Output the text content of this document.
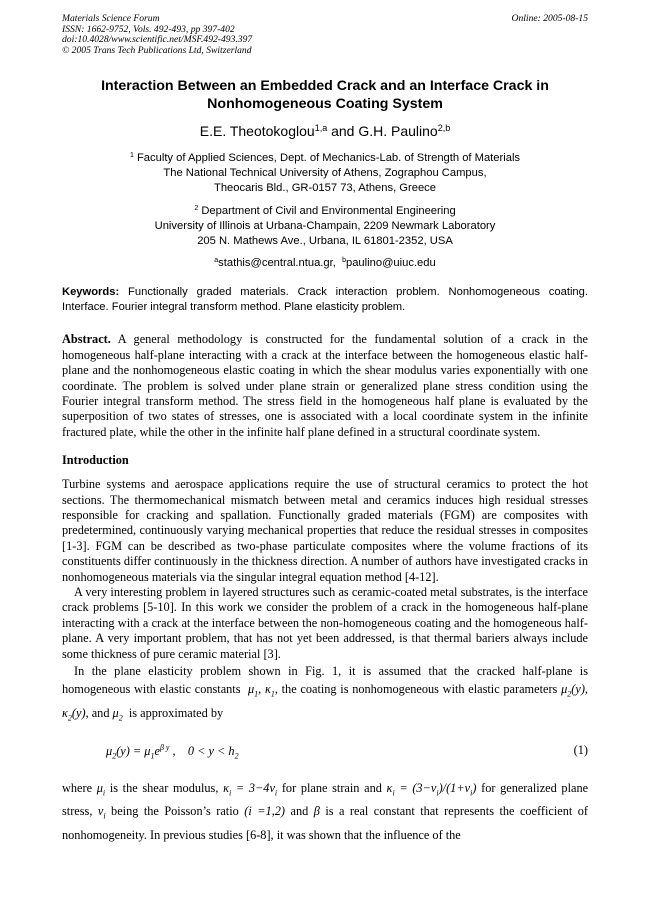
Materials Science Forum
ISSN: 1662-9752, Vols. 492-493, pp 397-402
doi:10.4028/www.scientific.net/MSF.492-493.397
© 2005 Trans Tech Publications Ltd, Switzerland
Online: 2005-08-15
Interaction Between an Embedded Crack and an Interface Crack in
Nonhomogeneous Coating System
E.E. Theotokoglou$^{1,a}$ and G.H. Paulino$^{2,b}$
$^1$ Faculty of Applied Sciences, Dept. of Mechanics-Lab. of Strength of Materials
The National Technical University of Athens, Zographou Campus,
Theocaris Bld., GR-0157 73, Athens, Greece
$^2$ Department of Civil and Environmental Engineering
University of Illinois at Urbana-Champain, 2209 Newmark Laboratory
205 N. Mathews Ave., Urbana, IL 61801-2352, USA
$^a$stathis@central.ntua.gr, $^b$paulino@uiuc.edu
Keywords: Functionally graded materials. Crack interaction problem. Nonhomogeneous coating. Interface. Fourier integral transform method. Plane elasticity problem.
Abstract. A general methodology is constructed for the fundamental solution of a crack in the homogeneous half-plane interacting with a crack at the interface between the homogeneous elastic half-plane and the nonhomogeneous elastic coating in which the shear modulus varies exponentially with one coordinate. The problem is solved under plane strain or generalized plane stress condition using the Fourier integral transform method. The stress field in the homogeneous half plane is evaluated by the superposition of two states of stresses, one is associated with a local coordinate system in the infinite fractured plate, while the other in the infinite half plane defined in a structural coordinate system.
Introduction
Turbine systems and aerospace applications require the use of structural ceramics to protect the hot sections. The thermomechanical mismatch between metal and ceramics induces high residual stresses responsible for cracking and spallation. Functionally graded materials (FGM) are composites with predetermined, continuously varying mechanical properties that reduce the residual stresses in composites [1-3]. FGM can be described as two-phase particulate composites where the volume fractions of its constituents differ continuously in the thickness direction. A number of authors have investigated cracks in nonhomogeneous materials via the singular integral equation method [4-12].
A very interesting problem in layered structures such as ceramic-coated metal substrates, is the interface crack problems [5-10]. In this work we consider the problem of a crack in the homogeneous half-plane interacting with a crack at the interface between the non-homogeneous coating and the homogeneous half-plane. A very important problem, that has not yet been addressed, is that thermal bariers always include some thickness of pure ceramic material [3].
In the plane elasticity problem shown in Fig. 1, it is assumed that the cracked half-plane is homogeneous with elastic constants $\mu_1$, $\kappa_1$, the coating is nonhomogeneous with elastic parameters $\mu_2(y)$, $\kappa_2(y)$, and $\mu_2$ is approximated by
$\mu_2(y) = \mu_1e^{\beta y}$ ,    $0 < y < h_2$	(1)
where $\mu_i$ is the shear modulus, $\kappa_i = 3-4\nu_i$ for plane strain and $\kappa_i = (3-\nu_i)/(1+\nu_i)$ for generalized plane stress, $\nu_i$ being the Poisson’s ratio (i =1,2) and β is a real constant that represents the coefficient of nonhomogeneity. In previous studies [6-8], it was shown that the influence of the
